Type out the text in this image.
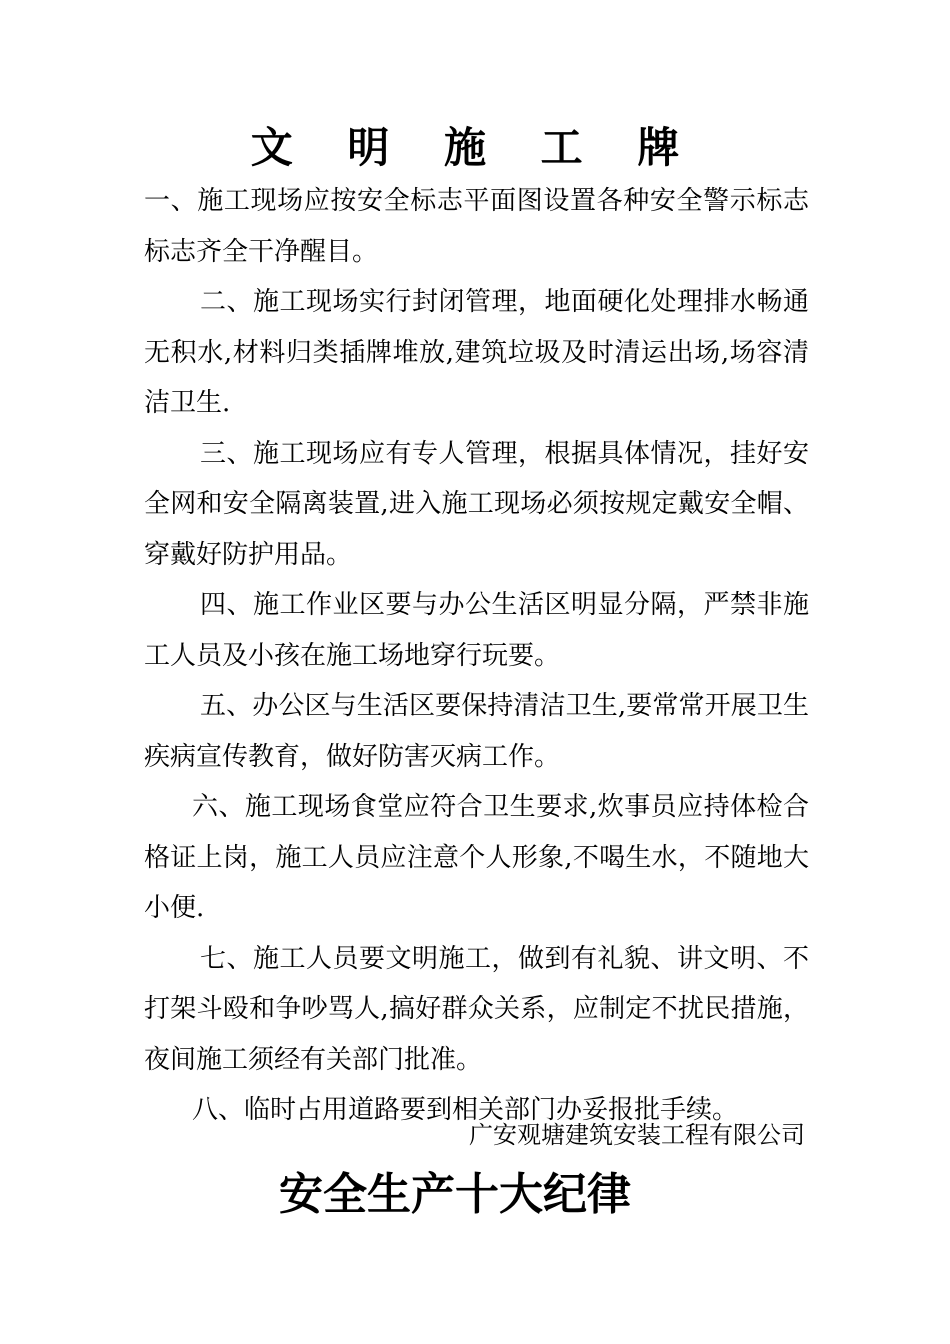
文 明 施 工 牌

一、施工现场应按安全标志平面图设置各种安全警示标志标志齐全干净醒目。

二、施工现场实行封闭管理，地面硬化处理排水畅通无积水,材料归类插牌堆放,建筑垃圾及时清运出场,场容清洁卫生.

三、施工现场应有专人管理，根据具体情况，挂好安全网和安全隔离装置,进入施工现场必须按规定戴安全帽、穿戴好防护用品。

四、施工作业区要与办公生活区明显分隔，严禁非施工人员及小孩在施工场地穿行玩要。

五、办公区与生活区要保持清洁卫生,要常常开展卫生疾病宣传教育，做好防害灭病工作。

六、施工现场食堂应符合卫生要求,炊事员应持体检合格证上岗，施工人员应注意个人形象,不喝生水，不随地大小便.

七、施工人员要文明施工，做到有礼貌、讲文明、不打架斗殴和争吵骂人,搞好群众关系，应制定不扰民措施，夜间施工须经有关部门批准。

八、临时占用道路要到相关部门办妥报批手续。

广安观塘建筑安装工程有限公司
安全生产十大纪律
